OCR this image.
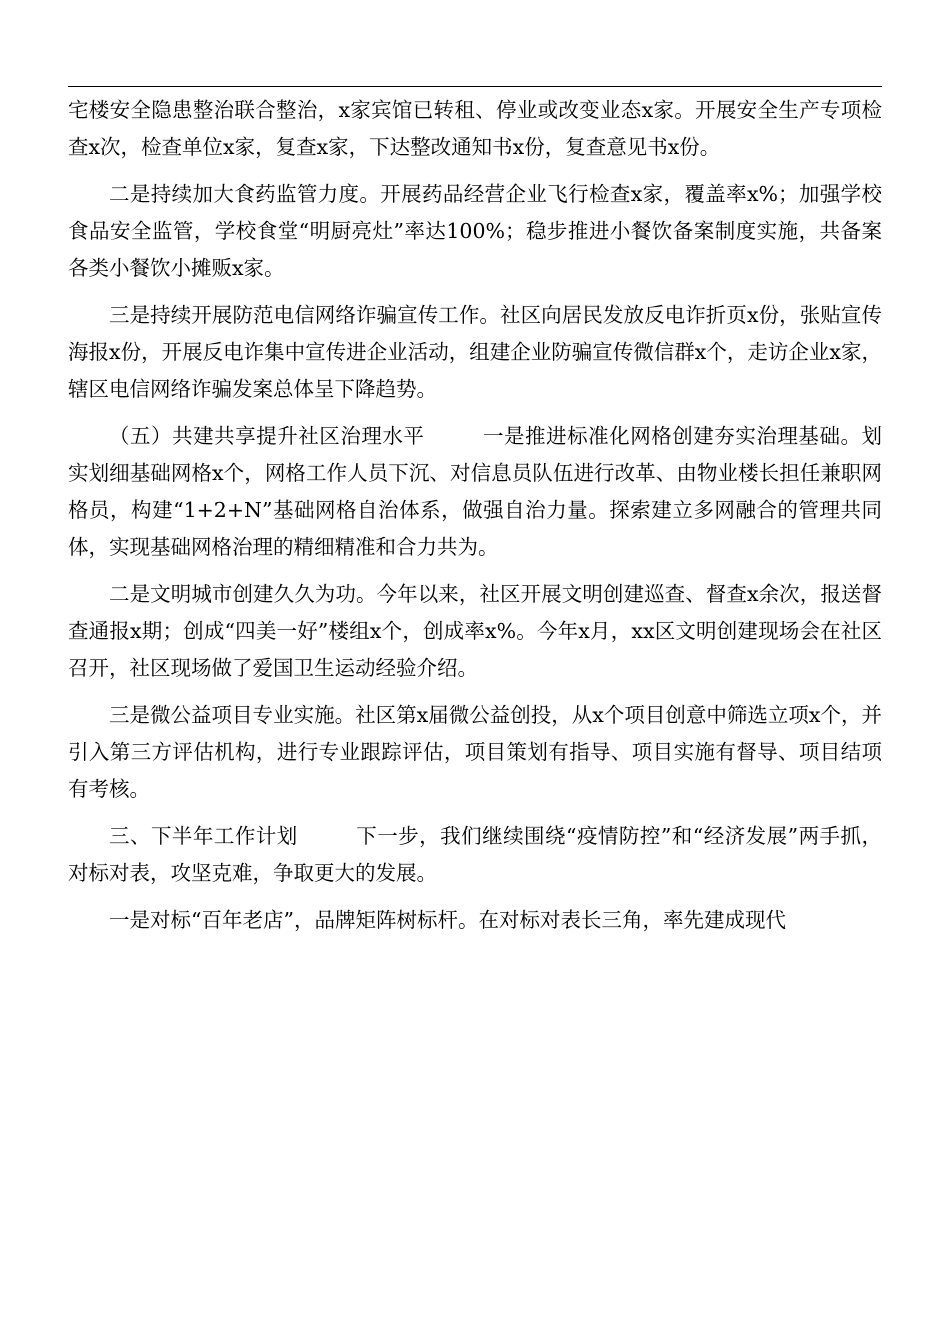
宅楼安全隐患整治联合整治，x家宾馆已转租、停业或改变业态x家。开展安全生产专项检查x次，检查单位x家，复查x家，下达整改通知书x份，复查意见书x份。

二是持续加大食药监管力度。开展药品经营企业飞行检查x家，覆盖率x%；加强学校食品安全监管，学校食堂“明厨亮灶”率达100%；稳步推进小餐饮备案制度实施，共备案各类小餐饮小摊贩x家。

三是持续开展防范电信网络诈骗宣传工作。社区向居民发放反电诈折页x份，张贴宣传海报x份，开展反电诈集中宣传进企业活动，组建企业防骗宣传微信群x个，走访企业x家，辖区电信网络诈骗发案总体呈下降趋势。

（五）共建共享提升社区治理水平	一是推进标准化网格创建夯实治理基础。划实划细基础网格x个，网格工作人员下沉、对信息员队伍进行改革、由物业楼长担任兼职网格员，构建“1+2+N”基础网格自治体系，做强自治力量。探索建立多网融合的管理共同体，实现基础网格治理的精细精准和合力共为。

二是文明城市创建久久为功。今年以来，社区开展文明创建巡查、督查x余次，报送督查通报x期；创成“四美一好”楼组x个，创成率x%。今年x月，xx区文明创建现场会在社区召开，社区现场做了爱国卫生运动经验介绍。

三是微公益项目专业实施。社区第x届微公益创投，从x个项目创意中筛选立项x个，并引入第三方评估机构，进行专业跟踪评估，项目策划有指导、项目实施有督导、项目结项有考核。

三、下半年工作计划	下一步，我们继续围绕“疫情防控”和“经济发展”两手抓，对标对表，攻坚克难，争取更大的发展。

一是对标“百年老店”，品牌矩阵树标杆。在对标对表长三角，率先建成现代
